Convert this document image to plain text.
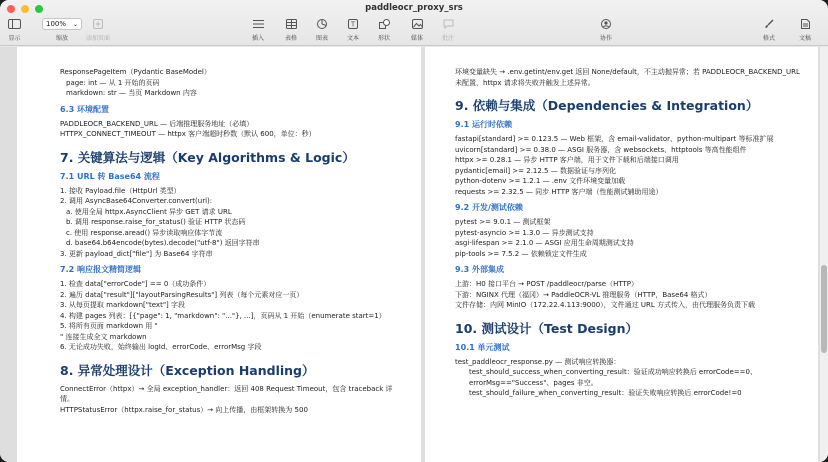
paddleocr_proxy_srs
显示
100% ⌄
缩放	添加页面	插入	表格	图表
T
文本	形状	媒体	批注	协作	格式	文稿
ResponsePageItem（Pydantic BaseModel）
page: int — 从 1 开始的页码
markdown: str — 当页 Markdown 内容
6.3 环境配置
PADDLEOCR_BACKEND_URL — 后端推理服务地址（必填）
HTTPX_CONNECT_TIMEOUT — httpx 客户端超时秒数（默认 600，单位：秒）
7. 关键算法与逻辑（Key Algorithms & Logic）
7.1 URL 转 Base64 流程
1. 接收 Payload.file（HttpUrl 类型）
2. 调用 AsyncBase64Converter.convert(url):
a. 使用全局 httpx.AsyncClient 异步 GET 请求 URL
b. 调用 response.raise_for_status() 验证 HTTP 状态码
c. 使用 response.aread() 异步读取响应体字节流
d. base64.b64encode(bytes).decode("utf-8") 返回字符串
3. 更新 payload_dict["file"] 为 Base64 字符串
7.2 响应报文精简逻辑
1. 检查 data["errorCode"] == 0（成功条件）
2. 遍历 data["result"]["layoutParsingResults"] 列表（每个元素对应一页）
3. 从每页提取 markdown["text"] 字段
4. 构建 pages 列表：[{"page": 1, "markdown": "..."}, ...]，页码从 1 开始（enumerate start=1）
5. 将所有页面 markdown 用 "
" 连接生成全文 markdown
6. 无论成功失败，始终输出 logId、errorCode、errorMsg 字段
8. 异常处理设计（Exception Handling）
ConnectError（httpx）→ 全局 exception_handler：返回 408 Request Timeout，包含 traceback 详情。
HTTPStatusError（httpx.raise_for_status）→ 向上传播，由框架转换为 500
环境变量缺失 → .env.getint/env.get 返回 None/default，不主动抛异常；若 PADDLEOCR_BACKEND_URL 未配置，httpx 请求将失败并触发上述异常。
9. 依赖与集成（Dependencies & Integration）
9.1 运行时依赖
fastapi[standard] >= 0.123.5 — Web 框架，含 email-validator、python-multipart 等标准扩展
uvicorn[standard] >= 0.38.0 — ASGI 服务器，含 websockets、httptools 等高性能组件
httpx >= 0.28.1 — 异步 HTTP 客户端，用于文件下载和后端接口调用
pydantic[email] >= 2.12.5 — 数据验证与序列化
python-dotenv >= 1.2.1 — .env 文件环境变量加载
requests >= 2.32.5 — 同步 HTTP 客户端（性能测试辅助用途）
9.2 开发/测试依赖
pytest >= 9.0.1 — 测试框架
pytest-asyncio >= 1.3.0 — 异步测试支持
asgi-lifespan >= 2.1.0 — ASGI 应用生命周期测试支持
pip-tools >= 7.5.2 — 依赖锁定文件生成
9.3 外部集成
上游：H0 接口平台 → POST /paddleocr/parse（HTTP）
下游：NGINX 代理（福冈）→ PaddleOCR-VL 推理服务（HTTP，Base64 格式）
文件存储：内网 MinIO（172.22.4.113:9000），文件通过 URL 方式传入，由代理服务负责下载
10. 测试设计（Test Design）
10.1 单元测试
test_paddleocr_response.py — 测试响应转换器：
test_should_success_when_converting_result：验证成功响应转换后 errorCode==0、errorMsg=="Success"、pages 非空。
test_should_failure_when_converting_result：验证失败响应转换后 errorCode!=0
